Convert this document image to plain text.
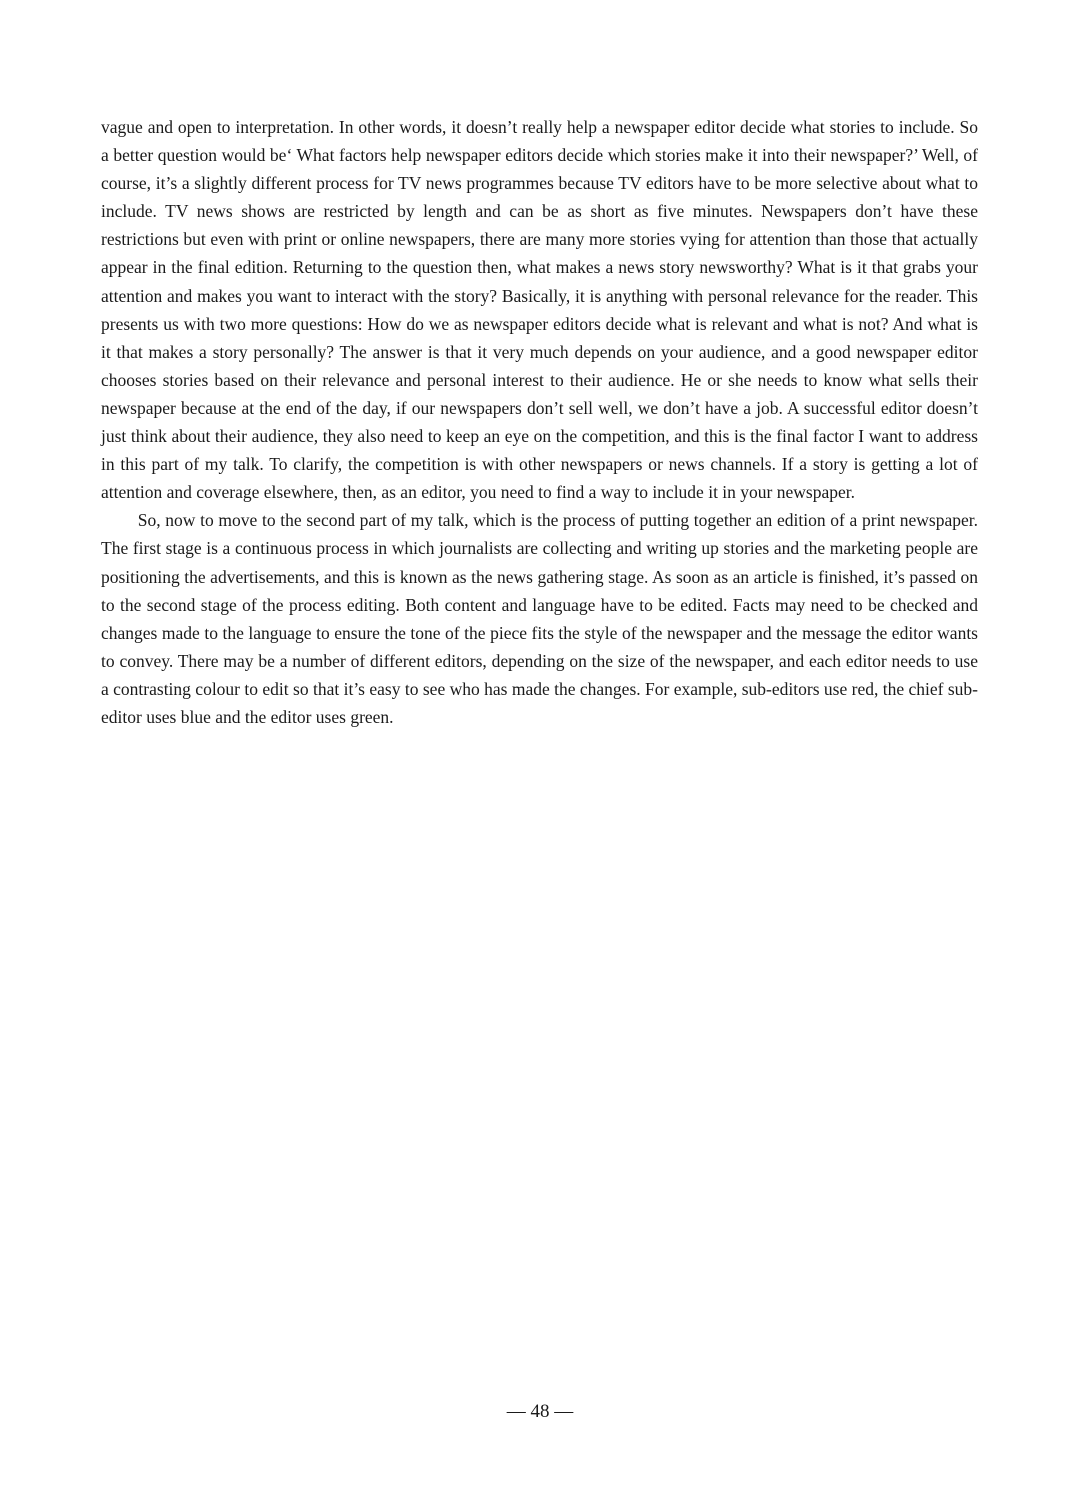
vague and open to interpretation. In other words, it doesn’t really help a newspaper editor decide what stories to include. So a better question would be‘ What factors help newspaper editors decide which stories make it into their newspaper?’ Well, of course, it’s a slightly different process for TV news programmes because TV editors have to be more selective about what to include. TV news shows are restricted by length and can be as short as five minutes. Newspapers don’t have these restrictions but even with print or online newspapers, there are many more stories vying for attention than those that actually appear in the final edition. Returning to the question then, what makes a news story newsworthy? What is it that grabs your attention and makes you want to interact with the story? Basically, it is anything with personal relevance for the reader. This presents us with two more questions: How do we as newspaper editors decide what is relevant and what is not? And what is it that makes a story personally? The answer is that it very much depends on your audience, and a good newspaper editor chooses stories based on their relevance and personal interest to their audience. He or she needs to know what sells their newspaper because at the end of the day, if our newspapers don’t sell well, we don’t have a job. A successful editor doesn’t just think about their audience, they also need to keep an eye on the competition, and this is the final factor I want to address in this part of my talk. To clarify, the competition is with other newspapers or news channels. If a story is getting a lot of attention and coverage elsewhere, then, as an editor, you need to find a way to include it in your newspaper.

So, now to move to the second part of my talk, which is the process of putting together an edition of a print newspaper. The first stage is a continuous process in which journalists are collecting and writing up stories and the marketing people are positioning the advertisements, and this is known as the news gathering stage. As soon as an article is finished, it’s passed on to the second stage of the process editing. Both content and language have to be edited. Facts may need to be checked and changes made to the language to ensure the tone of the piece fits the style of the newspaper and the message the editor wants to convey. There may be a number of different editors, depending on the size of the newspaper, and each editor needs to use a contrasting colour to edit so that it’s easy to see who has made the changes. For example, sub-editors use red, the chief sub-editor uses blue and the editor uses green.

— 48 —
